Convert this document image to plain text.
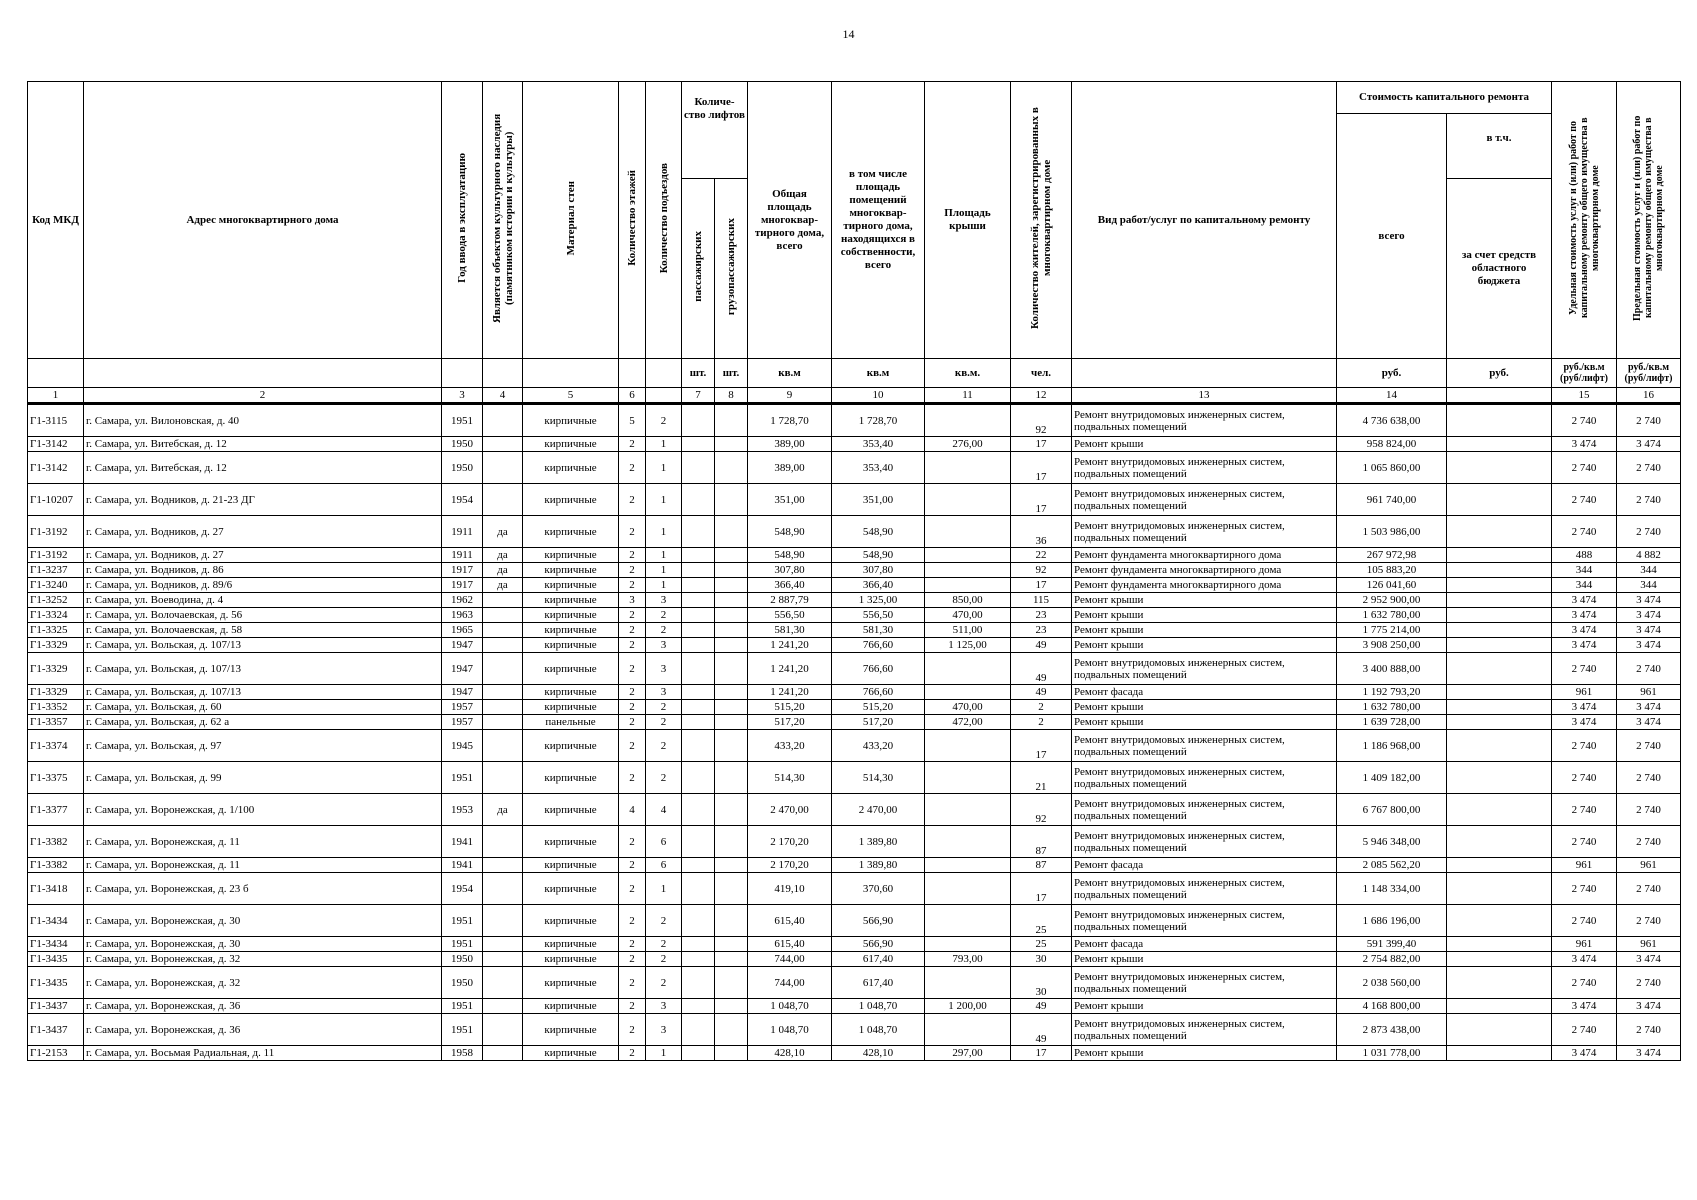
14
Код МКД	Адрес многоквартирного дома	Год ввода в эксплуатацию	Является объектом культурного наследия (памятником истории и культуры)	Материал стен	Количество этажей	Количество подъездов	Количе-ство лифтов		Общая площадь многоквар-тирного дома, всего	в том числе площадь помещений многоквар-тирного дома, находящихся в собственности, всего	Площадь крыши	Количество жителей, зарегистрированных в многоквартирном доме	Вид работ/услуг по капитальному ремонту	Стоимость капитального ремонта		Удельная стоимость услуг и (или) работ по капитальному ремонту общего имущества в многоквартирном доме	Предельная стоимость услуг и (или) работ по капитальному ремонту общего имущества в многоквартирном доме
														всего	в т.ч.		
							пассажирских	грузопассажирских							за счет средств областного бюджета		
							шт.	шт.	кв.м	кв.м	кв.м.	чел.		руб.	руб.	руб./кв.м (руб/лифт)	руб./кв.м (руб/лифт)
1	2	3	4	5	6		7	8	9	10	11	12	13	14		15	16
Г1-3115	г. Самара, ул. Вилоновская, д. 40	1951		кирпичные	5	2			1 728,70	1 728,70		92	Ремонт внутридомовых инженерных систем, подвальных помещений	4 736 638,00		2 740	2 740
Г1-3142	г. Самара, ул. Витебская, д. 12	1950		кирпичные	2	1			389,00	353,40	276,00	17	Ремонт крыши	958 824,00		3 474	3 474
Г1-3142	г. Самара, ул. Витебская, д. 12	1950		кирпичные	2	1			389,00	353,40		17	Ремонт внутридомовых инженерных систем, подвальных помещений	1 065 860,00		2 740	2 740
Г1-10207	г. Самара, ул. Водников, д. 21-23 ДГ	1954		кирпичные	2	1			351,00	351,00		17	Ремонт внутридомовых инженерных систем, подвальных помещений	961 740,00		2 740	2 740
Г1-3192	г. Самара, ул. Водников, д. 27	1911	да	кирпичные	2	1			548,90	548,90		36	Ремонт внутридомовых инженерных систем, подвальных помещений	1 503 986,00		2 740	2 740
Г1-3192	г. Самара, ул. Водников, д. 27	1911	да	кирпичные	2	1			548,90	548,90		22	Ремонт фундамента многоквартирного дома	267 972,98		488	4 882
Г1-3237	г. Самара, ул. Водников, д. 86	1917	да	кирпичные	2	1			307,80	307,80		92	Ремонт фундамента многоквартирного дома	105 883,20		344	344
Г1-3240	г. Самара, ул. Водников, д. 89/6	1917	да	кирпичные	2	1			366,40	366,40		17	Ремонт фундамента многоквартирного дома	126 041,60		344	344
Г1-3252	г. Самара, ул. Воеводина, д. 4	1962		кирпичные	3	3			2 887,79	1 325,00	850,00	115	Ремонт крыши	2 952 900,00		3 474	3 474
Г1-3324	г. Самара, ул. Волочаевская, д. 56	1963		кирпичные	2	2			556,50	556,50	470,00	23	Ремонт крыши	1 632 780,00		3 474	3 474
Г1-3325	г. Самара, ул. Волочаевская, д. 58	1965		кирпичные	2	2			581,30	581,30	511,00	23	Ремонт крыши	1 775 214,00		3 474	3 474
Г1-3329	г. Самара, ул. Вольская, д. 107/13	1947		кирпичные	2	3			1 241,20	766,60	1 125,00	49	Ремонт крыши	3 908 250,00		3 474	3 474
Г1-3329	г. Самара, ул. Вольская, д. 107/13	1947		кирпичные	2	3			1 241,20	766,60		49	Ремонт внутридомовых инженерных систем, подвальных помещений	3 400 888,00		2 740	2 740
Г1-3329	г. Самара, ул. Вольская, д. 107/13	1947		кирпичные	2	3			1 241,20	766,60		49	Ремонт фасада	1 192 793,20		961	961
Г1-3352	г. Самара, ул. Вольская, д. 60	1957		кирпичные	2	2			515,20	515,20	470,00	2	Ремонт крыши	1 632 780,00		3 474	3 474
Г1-3357	г. Самара, ул. Вольская, д. 62 а	1957		панельные	2	2			517,20	517,20	472,00	2	Ремонт крыши	1 639 728,00		3 474	3 474
Г1-3374	г. Самара, ул. Вольская, д. 97	1945		кирпичные	2	2			433,20	433,20		17	Ремонт внутридомовых инженерных систем, подвальных помещений	1 186 968,00		2 740	2 740
Г1-3375	г. Самара, ул. Вольская, д. 99	1951		кирпичные	2	2			514,30	514,30		21	Ремонт внутридомовых инженерных систем, подвальных помещений	1 409 182,00		2 740	2 740
Г1-3377	г. Самара, ул. Воронежская, д. 1/100	1953	да	кирпичные	4	4			2 470,00	2 470,00		92	Ремонт внутридомовых инженерных систем, подвальных помещений	6 767 800,00		2 740	2 740
Г1-3382	г. Самара, ул. Воронежская, д. 11	1941		кирпичные	2	6			2 170,20	1 389,80		87	Ремонт внутридомовых инженерных систем, подвальных помещений	5 946 348,00		2 740	2 740
Г1-3382	г. Самара, ул. Воронежская, д. 11	1941		кирпичные	2	6			2 170,20	1 389,80		87	Ремонт фасада	2 085 562,20		961	961
Г1-3418	г. Самара, ул. Воронежская, д. 23 б	1954		кирпичные	2	1			419,10	370,60		17	Ремонт внутридомовых инженерных систем, подвальных помещений	1 148 334,00		2 740	2 740
Г1-3434	г. Самара, ул. Воронежская, д. 30	1951		кирпичные	2	2			615,40	566,90		25	Ремонт внутридомовых инженерных систем, подвальных помещений	1 686 196,00		2 740	2 740
Г1-3434	г. Самара, ул. Воронежская, д. 30	1951		кирпичные	2	2			615,40	566,90		25	Ремонт фасада	591 399,40		961	961
Г1-3435	г. Самара, ул. Воронежская, д. 32	1950		кирпичные	2	2			744,00	617,40	793,00	30	Ремонт крыши	2 754 882,00		3 474	3 474
Г1-3435	г. Самара, ул. Воронежская, д. 32	1950		кирпичные	2	2			744,00	617,40		30	Ремонт внутридомовых инженерных систем, подвальных помещений	2 038 560,00		2 740	2 740
Г1-3437	г. Самара, ул. Воронежская, д. 36	1951		кирпичные	2	3			1 048,70	1 048,70	1 200,00	49	Ремонт крыши	4 168 800,00		3 474	3 474
Г1-3437	г. Самара, ул. Воронежская, д. 36	1951		кирпичные	2	3			1 048,70	1 048,70		49	Ремонт внутридомовых инженерных систем, подвальных помещений	2 873 438,00		2 740	2 740
Г1-2153	г. Самара, ул. Восьмая Радиальная, д. 11	1958		кирпичные	2	1			428,10	428,10	297,00	17	Ремонт крыши	1 031 778,00		3 474	3 474
